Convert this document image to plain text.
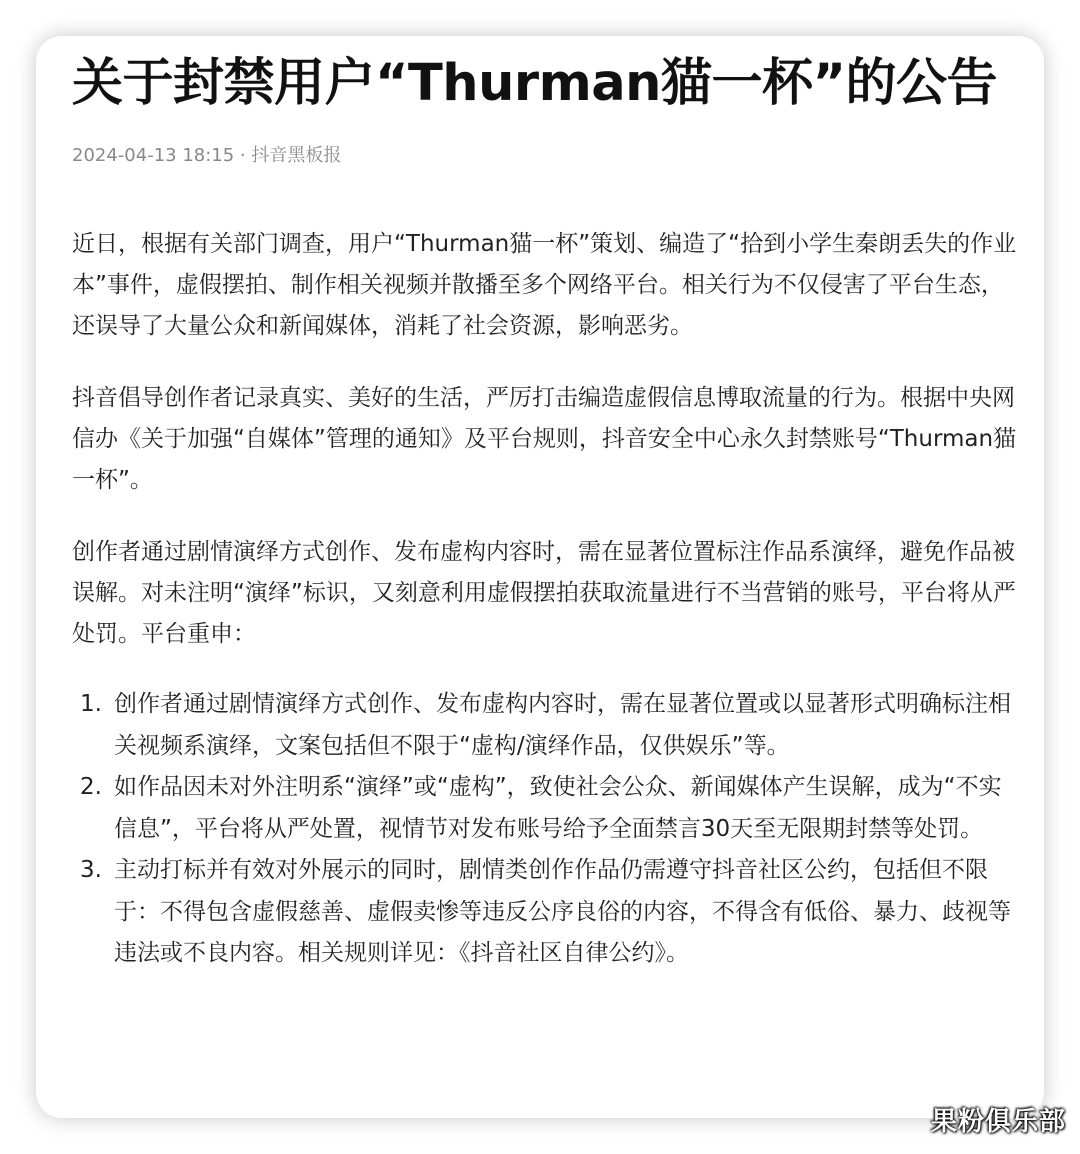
关于封禁用户“Thurman猫一杯”的公告
2024-04-13 18:15 · 抖音黑板报

近日，根据有关部门调查，用户“Thurman猫一杯”策划、编造了“拾到小学生秦朗丢失的作业本”事件，虚假摆拍、制作相关视频并散播至多个网络平台。相关行为不仅侵害了平台生态，还误导了大量公众和新闻媒体，消耗了社会资源，影响恶劣。

抖音倡导创作者记录真实、美好的生活，严厉打击编造虚假信息博取流量的行为。根据中央网信办《关于加强“自媒体”管理的通知》及平台规则，抖音安全中心永久封禁账号“Thurman猫一杯”。

创作者通过剧情演绎方式创作、发布虚构内容时，需在显著位置标注作品系演绎，避免作品被误解。对未注明“演绎”标识，又刻意利用虚假摆拍获取流量进行不当营销的账号，平台将从严处罚。平台重申：

1. 创作者通过剧情演绎方式创作、发布虚构内容时，需在显著位置或以显著形式明确标注相关视频系演绎，文案包括但不限于“虚构/演绎作品，仅供娱乐”等。
2. 如作品因未对外注明系“演绎”或“虚构”，致使社会公众、新闻媒体产生误解，成为“不实信息”，平台将从严处置，视情节对发布账号给予全面禁言30天至无限期封禁等处罚。
3. 主动打标并有效对外展示的同时，剧情类创作作品仍需遵守抖音社区公约，包括但不限于：不得包含虚假慈善、虚假卖惨等违反公序良俗的内容，不得含有低俗、暴力、歧视等违法或不良内容。相关规则详见：《抖音社区自律公约》。
果粉俱乐部
